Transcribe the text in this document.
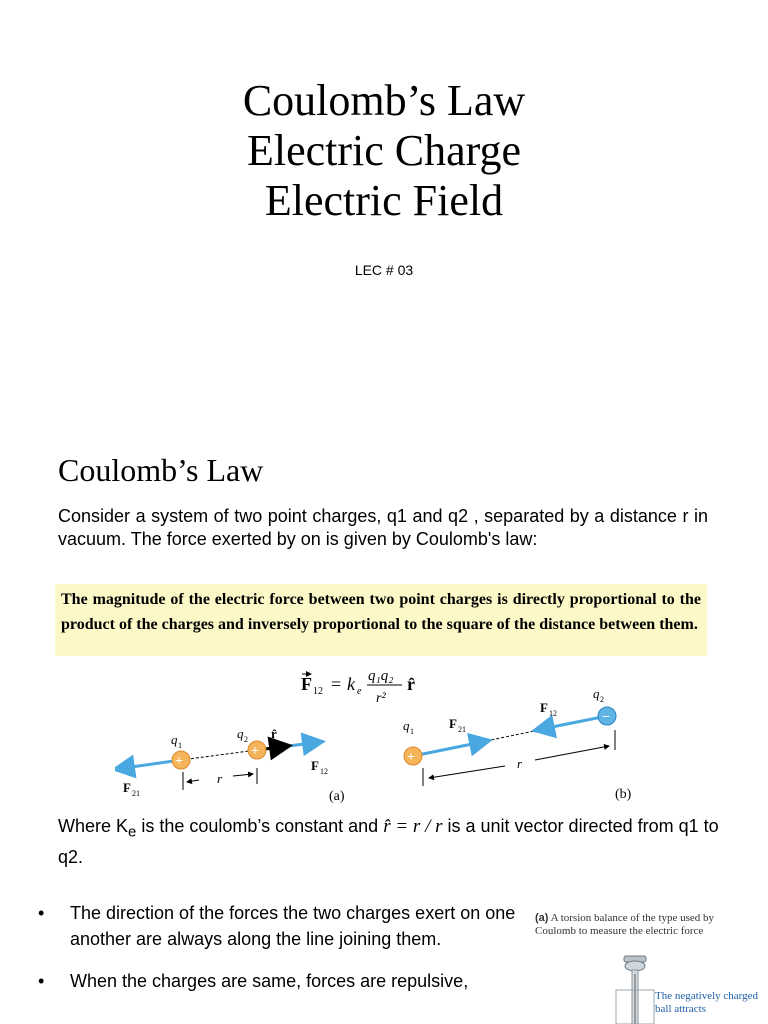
Coulomb’s Law
Electric Charge
Electric Field
LEC # 03
Coulomb’s Law

Consider a system of two point charges, q1 and q2 , separated by a distance r in vacuum. The force exerted by on is given by Coulomb's law:

The magnitude of the electric force between two point charges is directly proportional to the product of the charges and inversely proportional to the square of the distance between them.

F 12 = k e
q₁q₂
r²
r̂
+
+
q 1
q 2 r̂
F 12
F 21
r
(a)
+
−
q 1
q 2
F 21
F 12
r
(b)

Where $K_e$ is the coulomb’s constant and r̂ = r / r is a unit vector directed from q1 to q2.

• The direction of the forces the two charges exert on one another are always along the line joining them.
• When the charges are same, forces are repulsive,
(a) A torsion balance of the type used by Coulomb to measure the electric force
The negatively charged ball attracts
